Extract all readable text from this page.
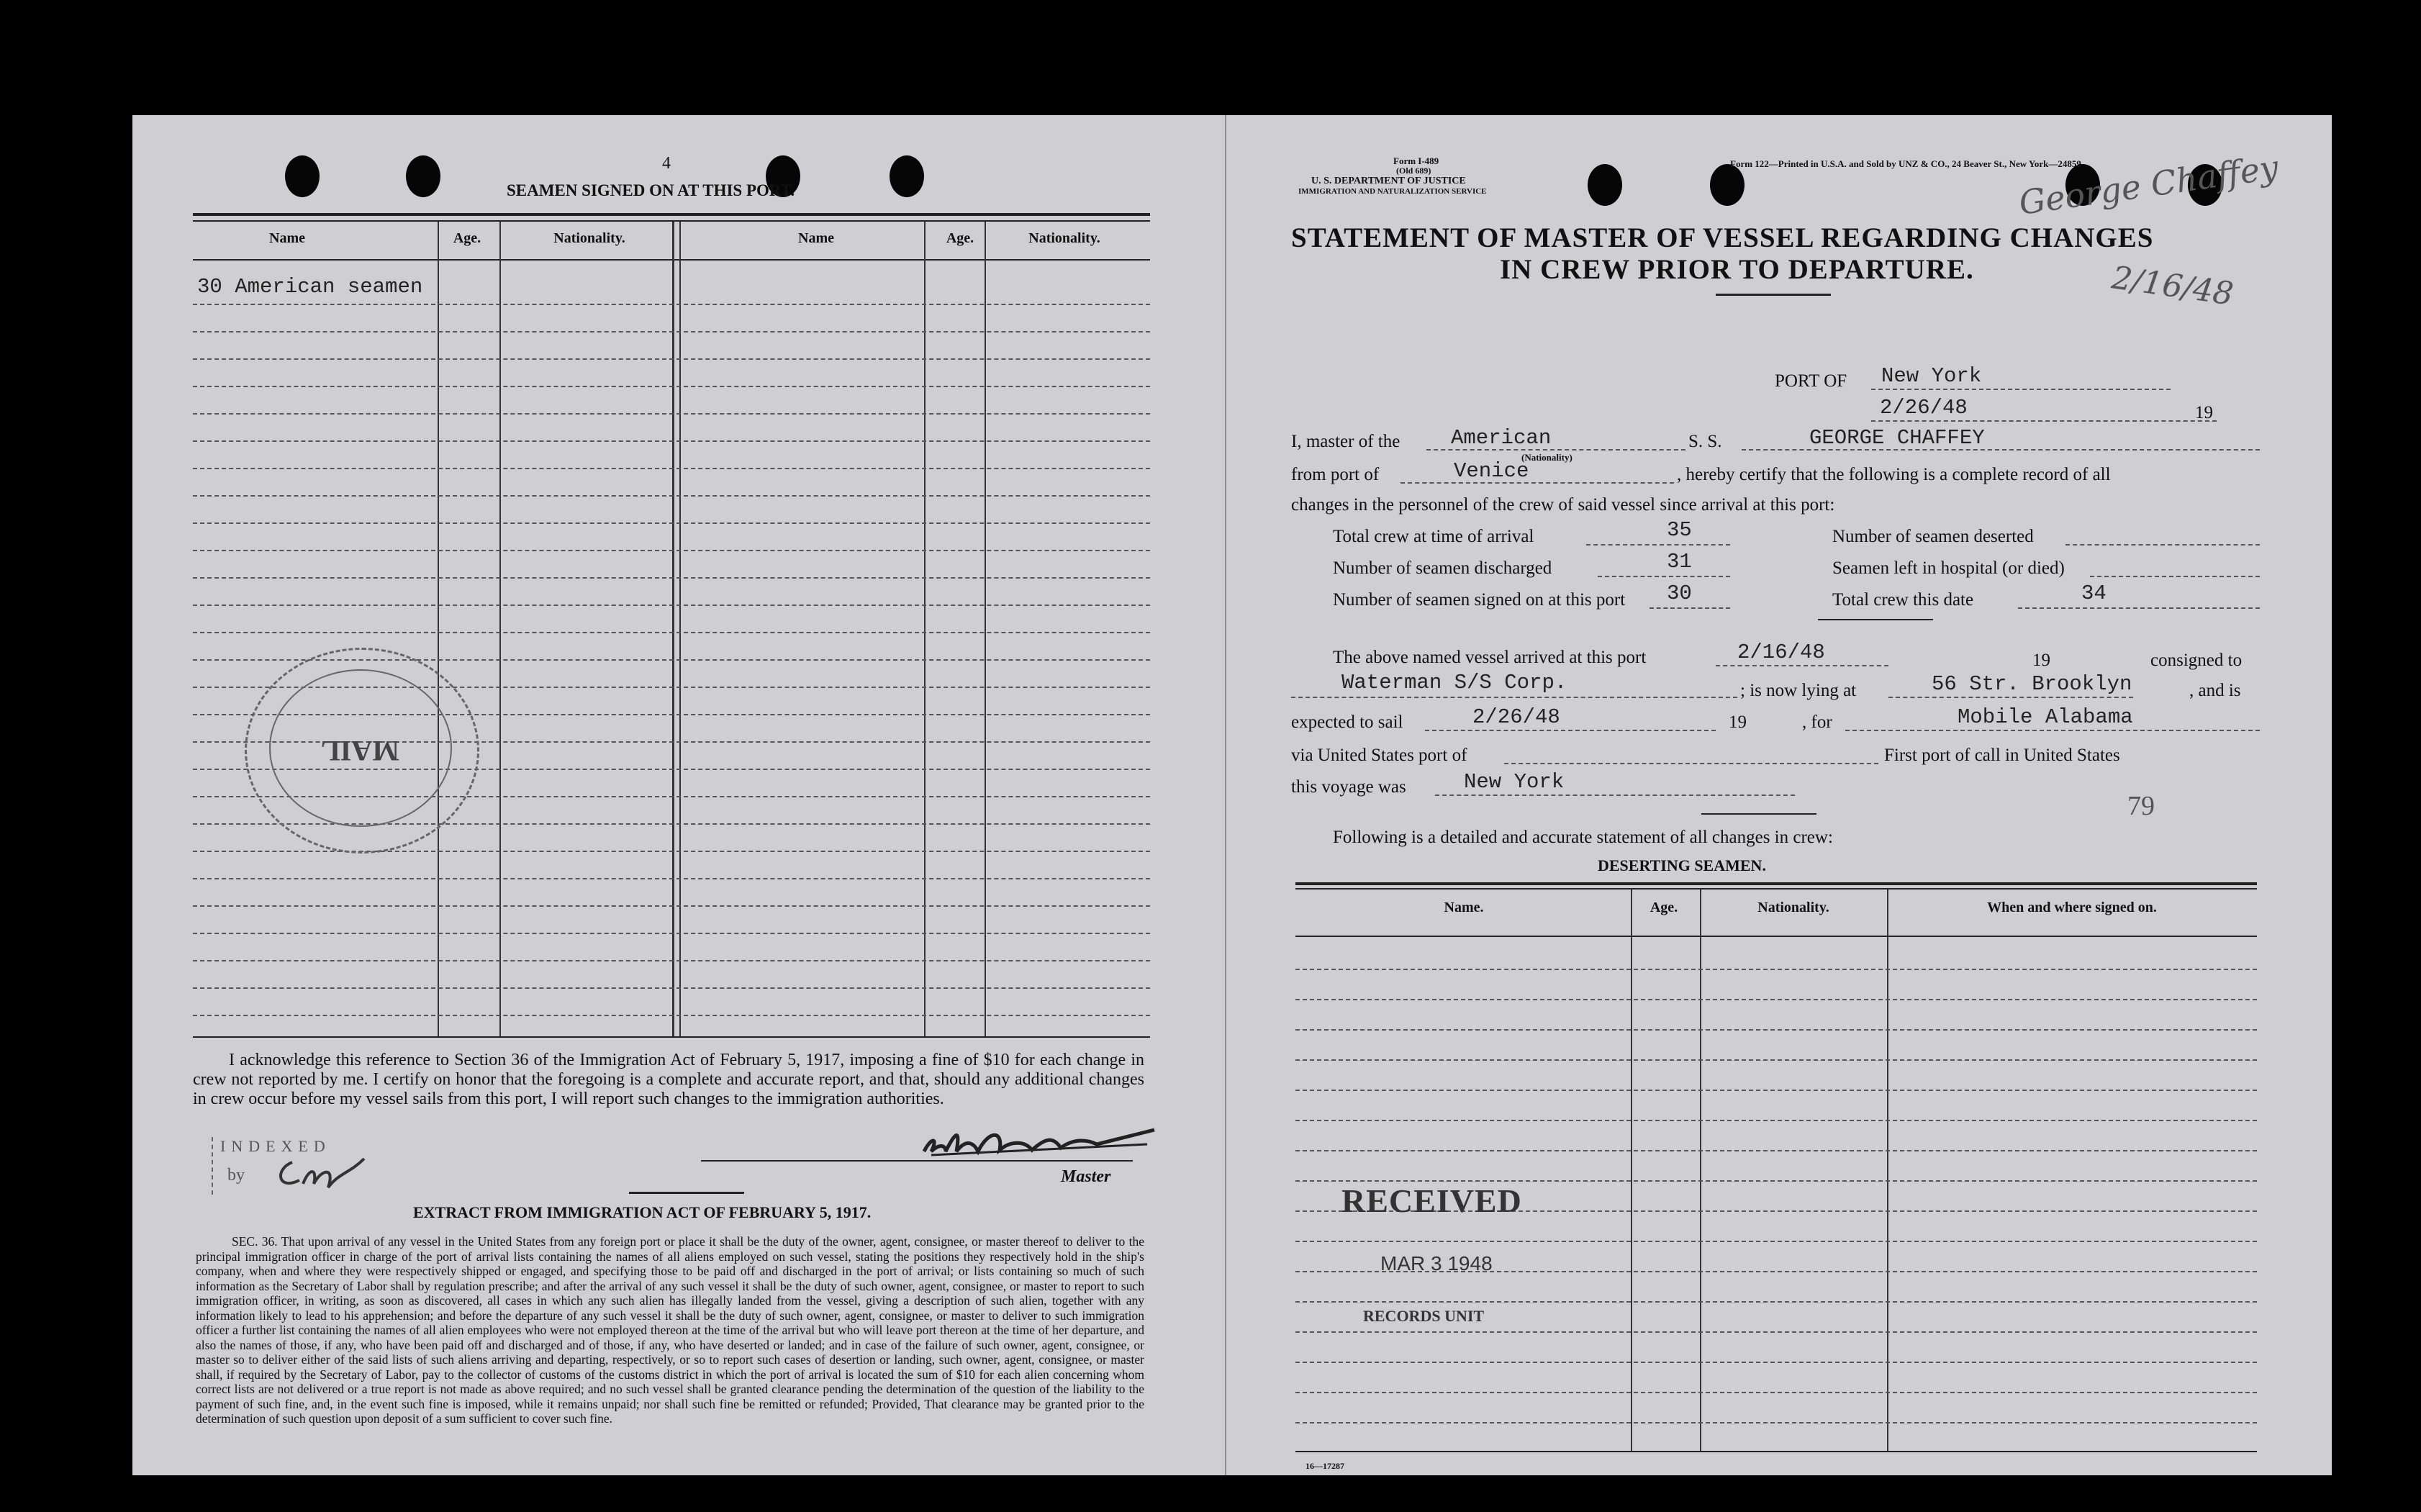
4
SEAMEN SIGNED ON AT THIS PORT.
Name	Age.	Nationality.	Name	Age.	Nationality.
30 American seamen
MAIL
I acknowledge this reference to Section 36 of the Immigration Act of February 5, 1917, imposing a fine of $10 for each change in crew not reported by me. I certify on honor that the foregoing is a complete and accurate report, and that, should any additional changes in crew occur before my vessel sails from this port, I will report such changes to the immigration authorities.
INDEXED
by	Master
EXTRACT FROM IMMIGRATION ACT OF FEBRUARY 5, 1917.
SEC. 36. That upon arrival of any vessel in the United States from any foreign port or place it shall be the duty of the owner, agent, consignee, or master thereof to deliver to the principal immigration officer in charge of the port of arrival lists containing the names of all aliens employed on such vessel, stating the positions they respectively hold in the ship's company, when and where they were respectively shipped or engaged, and specifying those to be paid off and discharged in the port of arrival; or lists containing so much of such information as the Secretary of Labor shall by regulation prescribe; and after the arrival of any such vessel it shall be the duty of such owner, agent, consignee, or master to report to such immigration officer, in writing, as soon as discovered, all cases in which any such alien has illegally landed from the vessel, giving a description of such alien, together with any information likely to lead to his apprehension; and before the departure of any such vessel it shall be the duty of such owner, agent, consignee, or master to deliver to such immigration officer a further list containing the names of all alien employees who were not employed thereon at the time of the arrival but who will leave port thereon at the time of her departure, and also the names of those, if any, who have been paid off and discharged and of those, if any, who have deserted or landed; and in case of the failure of such owner, agent, consignee, or master so to deliver either of the said lists of such aliens arriving and departing, respectively, or so to report such cases of desertion or landing, such owner, agent, consignee, or master shall, if required by the Secretary of Labor, pay to the collector of customs of the customs district in which the port of arrival is located the sum of $10 for each alien concerning whom correct lists are not delivered or a true report is not made as above required; and no such vessel shall be granted clearance pending the determination of the question of the liability to the payment of such fine, and, in the event such fine is imposed, while it remains unpaid; nor shall such fine be remitted or refunded; Provided, That clearance may be granted prior to the determination of such question upon deposit of a sum sufficient to cover such fine.
Form I-489
(Old 689)
U. S. DEPARTMENT OF JUSTICE
IMMIGRATION AND NATURALIZATION SERVICE
Form 122—Printed in U.S.A. and Sold by UNZ & CO., 24 Beaver St., New York—24859
STATEMENT OF MASTER OF VESSEL REGARDING CHANGES
IN CREW PRIOR TO DEPARTURE.
George Chaffey
2/16/48
PORT OF New York
2/26/48	19
I, master of the American
(Nationality)
S. S.	GEORGE CHAFFEY
from port of	Venice	, hereby certify that the following is a complete record of all
changes in the personnel of the crew of said vessel since arrival at this port:
Total crew at time of arrival	35	Number of seamen deserted
Number of seamen discharged	31	Seamen left in hospital (or died)
Number of seamen signed on at this port 30	Total crew this date	34
The above named vessel arrived at this port	2/16/48	19	consigned to
Waterman S/S Corp.	; is now lying at	56 Str. Brooklyn	, and is
expected to sail	2/26/48	19	, for	Mobile Alabama
via United States port of	First port of call in United States
this voyage was	New York
79
Following is a detailed and accurate statement of all changes in crew:
DESERTING SEAMEN.
Name.	Age.	Nationality.	When and where signed on.
RECEIVED
MAR 3 1948
RECORDS UNIT
16—17287
